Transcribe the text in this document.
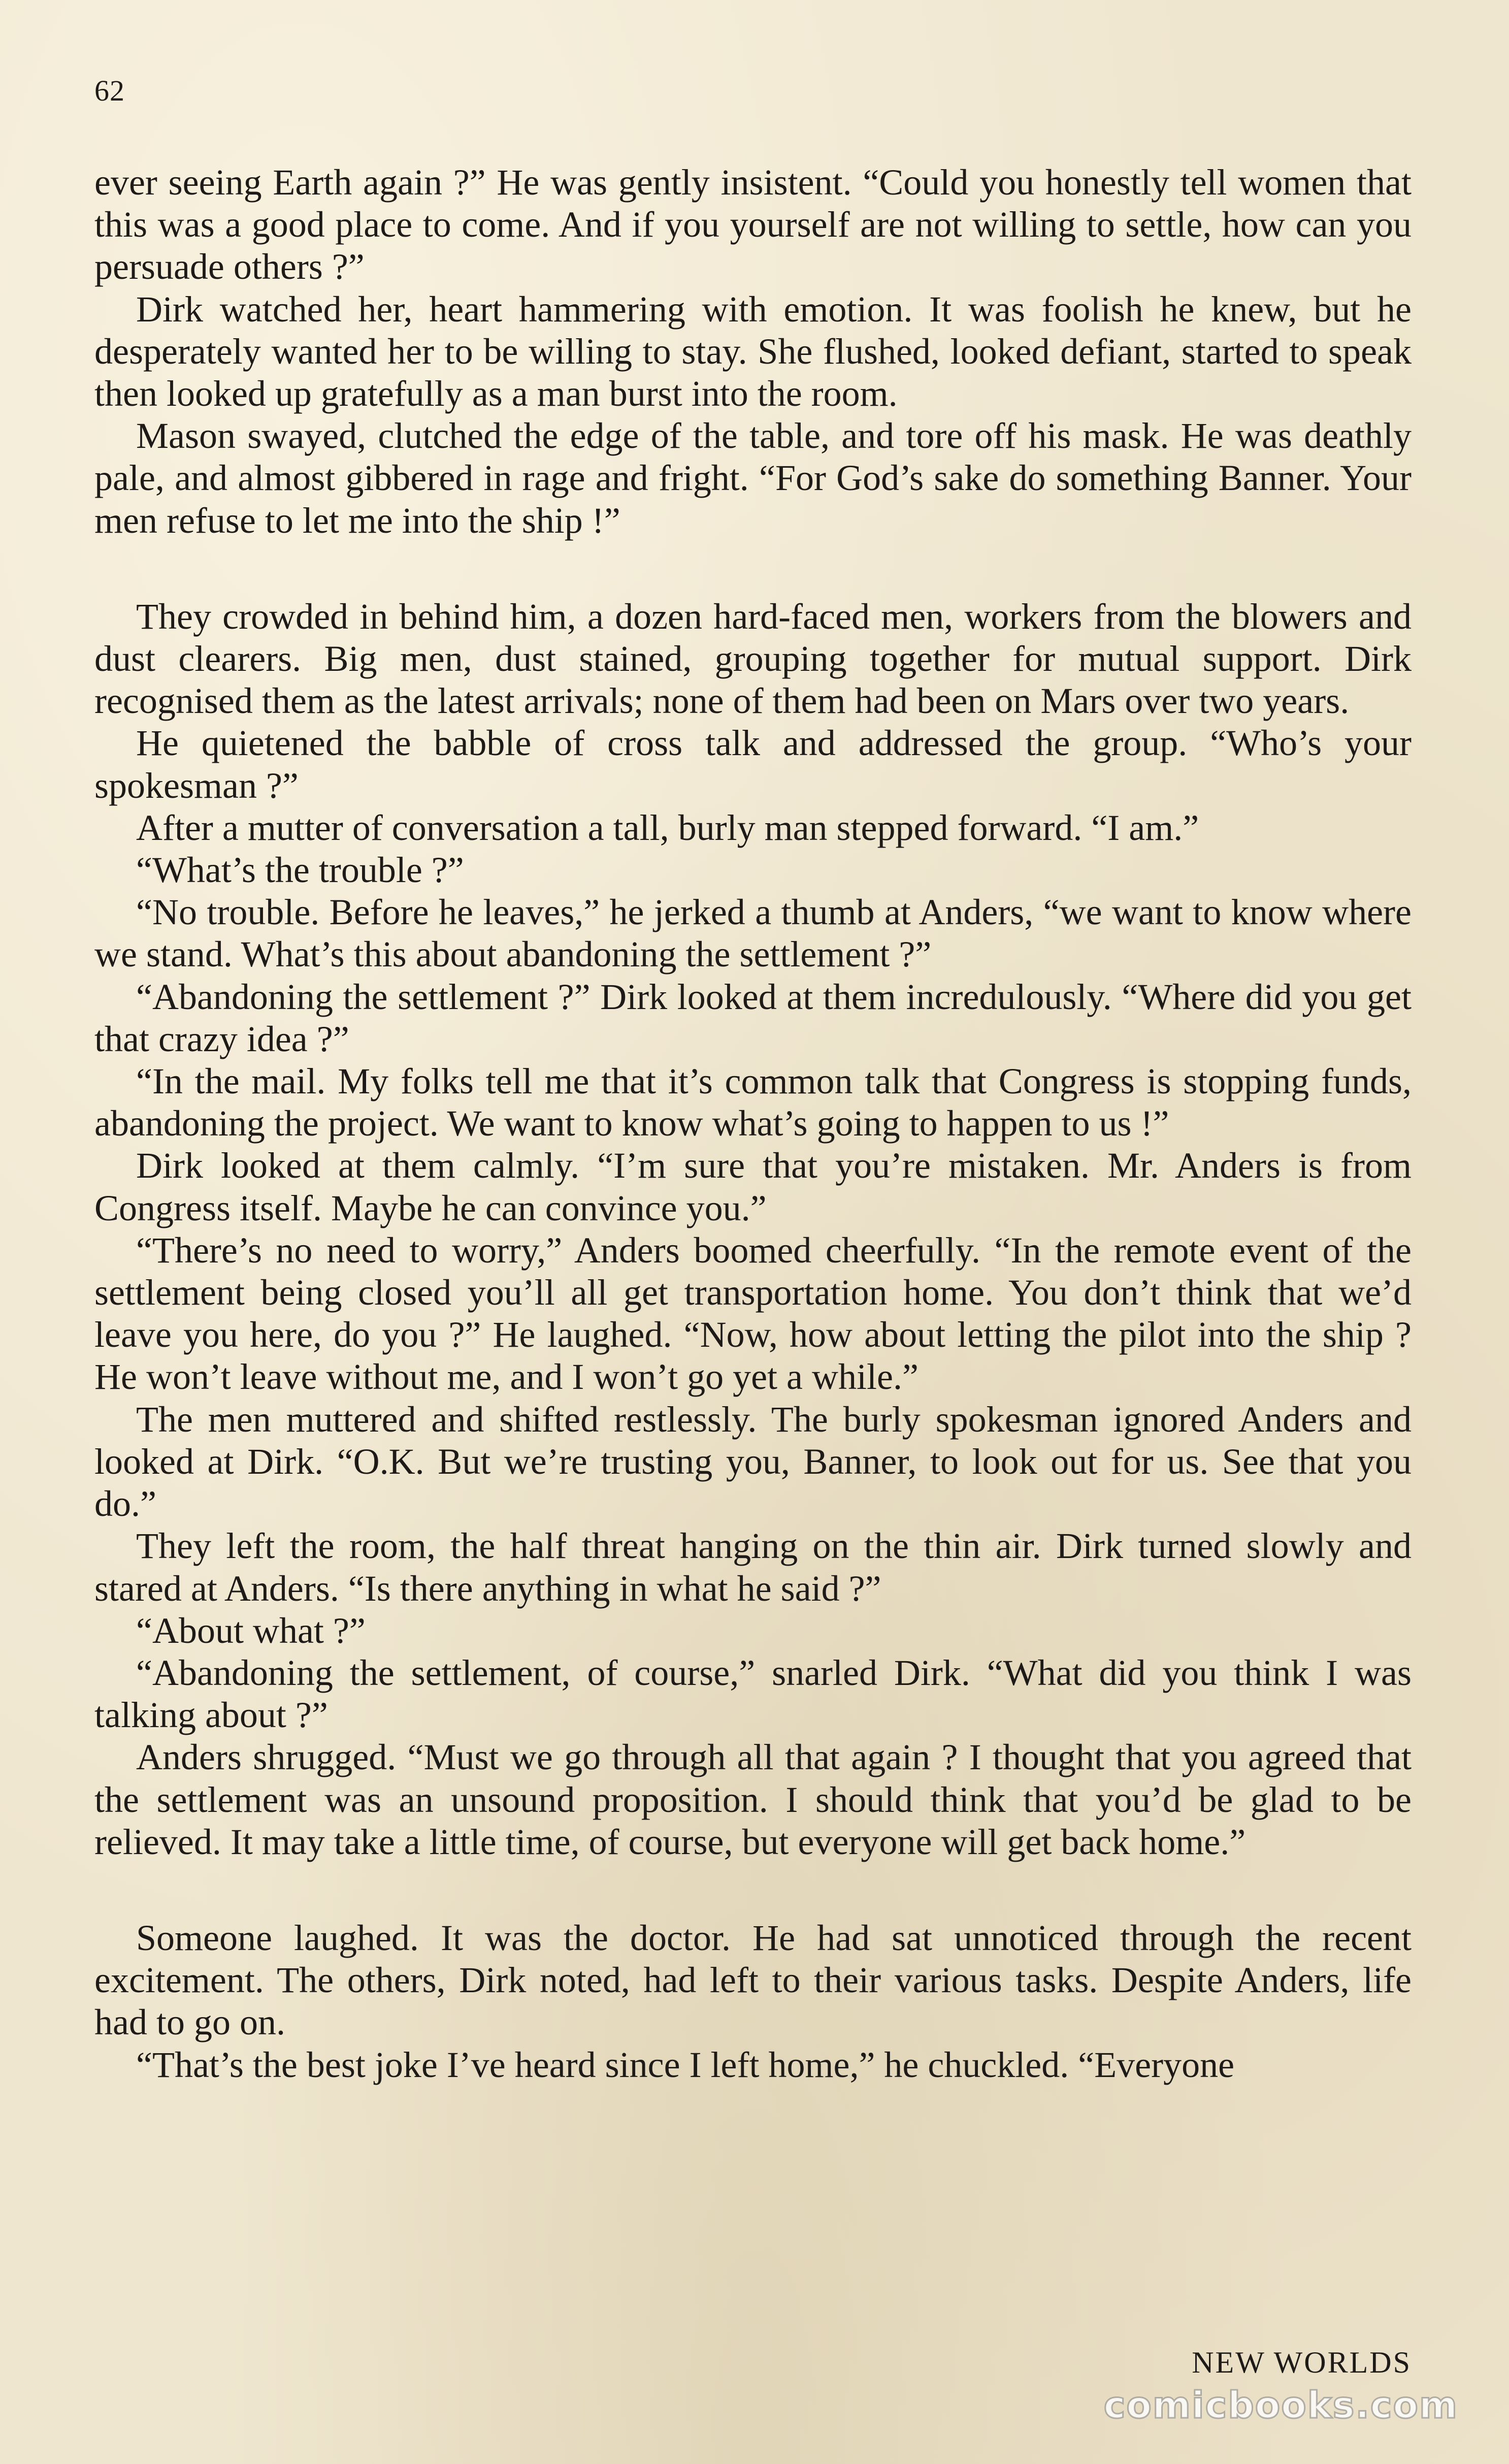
62

ever seeing Earth again ?” He was gently insistent. “Could you honestly tell women that this was a good place to come. And if you yourself are not willing to settle, how can you persuade others ?”

Dirk watched her, heart hammering with emotion. It was foolish he knew, but he desperately wanted her to be willing to stay. She flushed, looked defiant, started to speak then looked up gratefully as a man burst into the room.

Mason swayed, clutched the edge of the table, and tore off his mask. He was deathly pale, and almost gibbered in rage and fright. “For God’s sake do something Banner. Your men refuse to let me into the ship !”

They crowded in behind him, a dozen hard-faced men, workers from the blowers and dust clearers. Big men, dust stained, grouping together for mutual support. Dirk recognised them as the latest arrivals; none of them had been on Mars over two years.

He quietened the babble of cross talk and addressed the group. “Who’s your spokesman ?”

After a mutter of conversation a tall, burly man stepped forward. “I am.”

“What’s the trouble ?”

“No trouble. Before he leaves,” he jerked a thumb at Anders, “we want to know where we stand. What’s this about abandoning the settlement ?”

“Abandoning the settlement ?” Dirk looked at them incredulously. “Where did you get that crazy idea ?”

“In the mail. My folks tell me that it’s common talk that Congress is stopping funds, abandoning the project. We want to know what’s going to happen to us !”

Dirk looked at them calmly. “I’m sure that you’re mistaken. Mr. Anders is from Congress itself. Maybe he can convince you.”

“There’s no need to worry,” Anders boomed cheerfully. “In the remote event of the settlement being closed you’ll all get transportation home. You don’t think that we’d leave you here, do you ?” He laughed. “Now, how about letting the pilot into the ship ? He won’t leave without me, and I won’t go yet a while.”

The men muttered and shifted restlessly. The burly spokesman ignored Anders and looked at Dirk. “O.K. But we’re trusting you, Banner, to look out for us. See that you do.”

They left the room, the half threat hanging on the thin air. Dirk turned slowly and stared at Anders. “Is there anything in what he said ?”

“About what ?”

“Abandoning the settlement, of course,” snarled Dirk. “What did you think I was talking about ?”

Anders shrugged. “Must we go through all that again ? I thought that you agreed that the settlement was an unsound proposition. I should think that you’d be glad to be relieved. It may take a little time, of course, but everyone will get back home.”

Someone laughed. It was the doctor. He had sat unnoticed through the recent excitement. The others, Dirk noted, had left to their various tasks. Despite Anders, life had to go on.

“That’s the best joke I’ve heard since I left home,” he chuckled. “Everyone

NEW WORLDS
comicbooks.com
